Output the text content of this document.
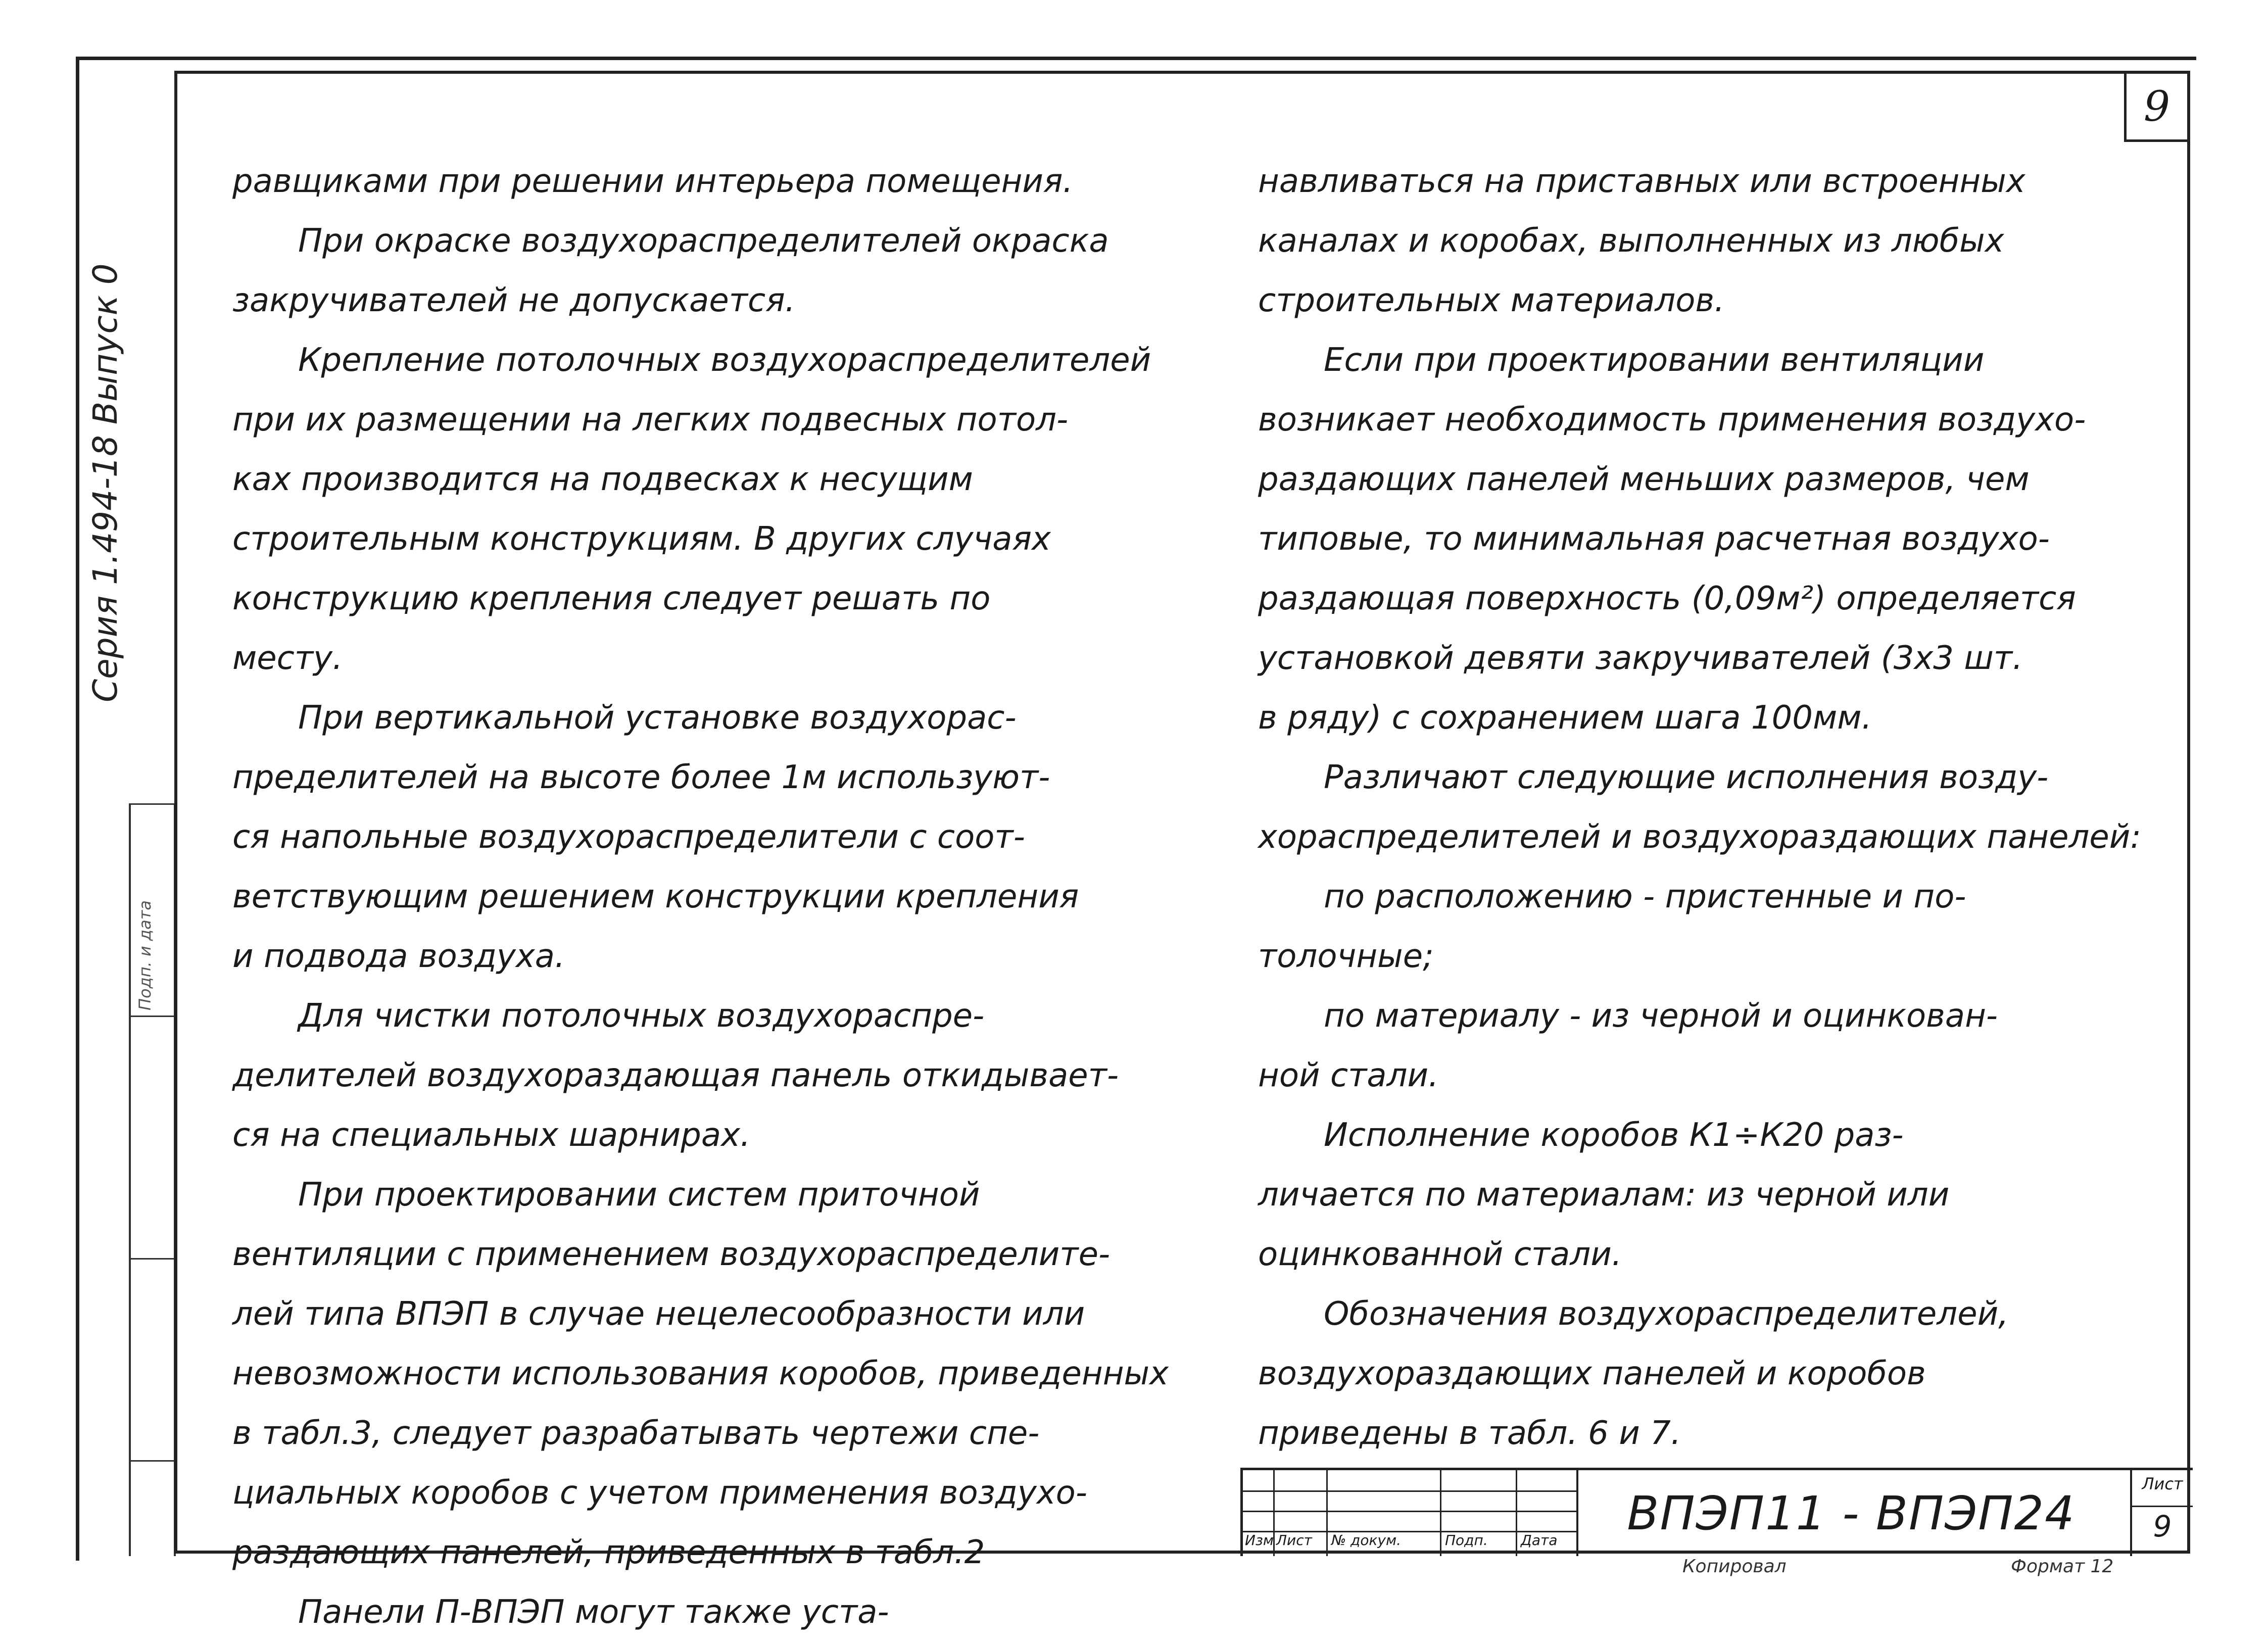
Серия 1.494-18 Выпуск 0
Подп. и дата
9
равщиками при решении интерьера помещения.
При окраске воздухораспределителей окраска
закручивателей не допускается.
Крепление потолочных воздухораспределителей
при их размещении на легких подвесных потол-
ках производится на подвесках к несущим
строительным конструкциям. В других случаях
конструкцию крепления следует решать по
месту.
При вертикальной установке воздухорас-
пределителей на высоте более 1м используют-
ся напольные воздухораспределители с соот-
ветствующим решением конструкции крепления
и подвода воздуха.
Для чистки потолочных воздухораспре-
делителей воздухораздающая панель откидывает-
ся на специальных шарнирах.
При проектировании систем приточной
вентиляции с применением воздухораспределите-
лей типа ВПЭП в случае нецелесообразности или
невозможности использования коробов, приведенных
в табл.3, следует разрабатывать чертежи спе-
циальных коробов с учетом применения воздухо-
раздающих панелей, приведенных в табл.2
Панели П-ВПЭП могут также уста-
навливаться на приставных или встроенных
каналах и коробах, выполненных из любых
строительных материалов.
Если при проектировании вентиляции
возникает необходимость применения воздухо-
раздающих панелей меньших размеров, чем
типовые, то минимальная расчетная воздухо-
раздающая поверхность (0,09м²) определяется
установкой девяти закручивателей (3х3 шт.
в ряду) с сохранением шага 100мм.
Различают следующие исполнения возду-
хораспределителей и воздухораздающих панелей:
по расположению - пристенные и по-
толочные;
по материалу - из черной и оцинкован-
ной стали.
Исполнение коробов К1÷К20 раз-
личается по материалам: из черной или
оцинкованной стали.
Обозначения воздухораспределителей,
воздухораздающих панелей и коробов
приведены в табл. 6 и 7.
Изм Лист № докум.	Подп. Дата	ВПЭП11 - ВПЭП24
Лист
9
Копировал	Формат 12
